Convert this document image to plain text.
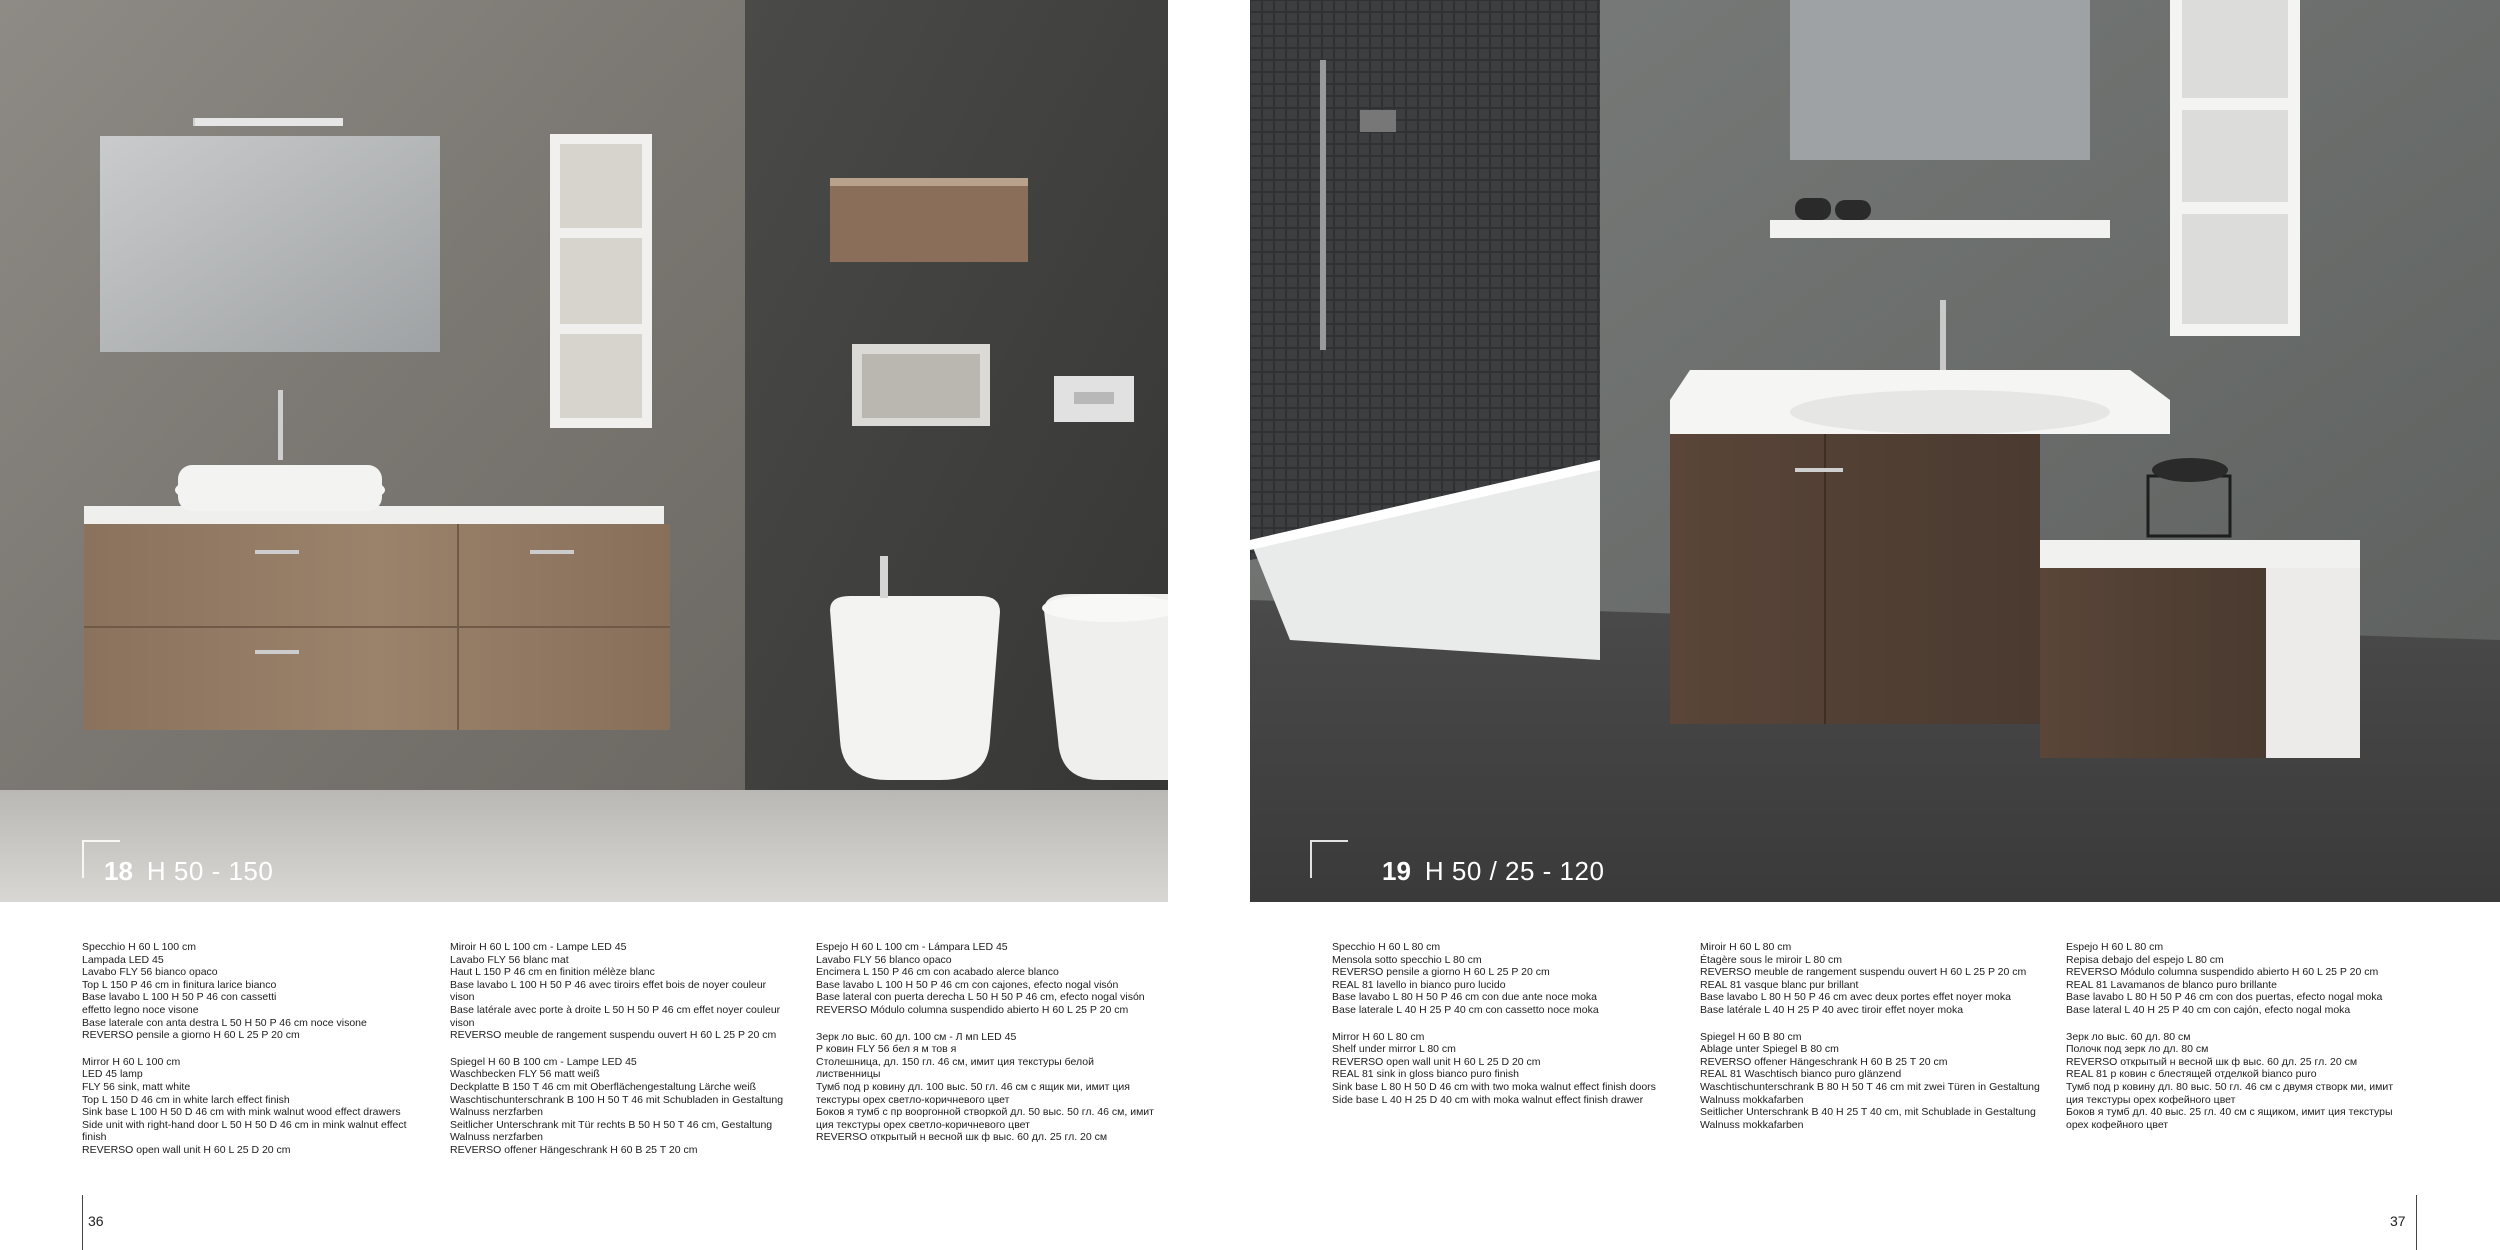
18 H 50 - 150
Specchio H 60 L 100 cm
Lampada LED 45
Lavabo FLY 56 bianco opaco
Top L 150 P 46 cm in finitura larice bianco
Base lavabo L 100 H 50 P 46 con cassetti
effetto legno noce visone
Base laterale con anta destra L 50 H 50 P 46 cm noce visone
REVERSO pensile a giorno H 60 L 25 P 20 cm
Mirror H 60 L 100 cm
LED 45 lamp
FLY 56 sink, matt white
Top L 150 D 46 cm in white larch effect finish
Sink base L 100 H 50 D 46 cm with mink walnut wood effect drawers
Side unit with right-hand door L 50 H 50 D 46 cm in mink walnut effect finish
REVERSO open wall unit H 60 L 25 D 20 cm
Miroir H 60 L 100 cm - Lampe LED 45
Lavabo FLY 56 blanc mat
Haut L 150 P 46 cm en finition mélèze blanc
Base lavabo L 100 H 50 P 46 avec tiroirs effet bois de noyer couleur vison
Base latérale avec porte à droite L 50 H 50 P 46 cm effet noyer couleur vison
REVERSO meuble de rangement suspendu ouvert H 60 L 25 P 20 cm
Spiegel H 60 B 100 cm - Lampe LED 45
Waschbecken FLY 56 matt weiß
Deckplatte B 150 T 46 cm mit Oberflächengestaltung Lärche weiß
Waschtischunterschrank B 100 H 50 T 46 mit Schubladen in Gestaltung Walnuss nerzfarben
Seitlicher Unterschrank mit Tür rechts B 50 H 50 T 46 cm, Gestaltung Walnuss nerzfarben
REVERSO offener Hängeschrank H 60 B 25 T 20 cm
Espejo H 60 L 100 cm - Lámpara LED 45
Lavabo FLY 56 blanco opaco
Encimera L 150 P 46 cm con acabado alerce blanco
Base lavabo L 100 H 50 P 46 cm con cajones, efecto nogal visón
Base lateral con puerta derecha L 50 H 50 P 46 cm, efecto nogal visón
REVERSO Módulo columna suspendido abierto H 60 L 25 P 20 cm
Зерк ло выс. 60 дл. 100 см - Л мп LED 45
Р ковин FLY 56 бел я м тов я
Столешница, дл. 150 гл. 46 см, имит ция текстуры белой лиственницы
Тумб под р ковину дл. 100 выс. 50 гл. 46 см с ящик ми, имит ция текстуры орех светло-коричневого цвет
Боков я тумб с пр вооргонной створкой дл. 50 выс. 50 гл. 46 см, имит ция текстуры орех светло-коричневого цвет
REVERSO открытый н весной шк ф выс. 60 дл. 25 гл. 20 см
36
19 H 50 / 25 - 120
Specchio H 60 L 80 cm
Mensola sotto specchio L 80 cm
REVERSO pensile a giorno H 60 L 25 P 20 cm
REAL 81 lavello in bianco puro lucido
Base lavabo L 80 H 50 P 46 cm con due ante noce moka
Base laterale L 40 H 25 P 40 cm con cassetto noce moka
Mirror H 60 L 80 cm
Shelf under mirror L 80 cm
REVERSO open wall unit H 60 L 25 D 20 cm
REAL 81 sink in gloss bianco puro finish
Sink base L 80 H 50 D 46 cm with two moka walnut effect finish doors
Side base L 40 H 25 D 40 cm with moka walnut effect finish drawer
Miroir H 60 L 80 cm
Étagère sous le miroir L 80 cm
REVERSO meuble de rangement suspendu ouvert H 60 L 25 P 20 cm
REAL 81 vasque blanc pur brillant
Base lavabo L 80 H 50 P 46 cm avec deux portes effet noyer moka
Base latérale L 40 H 25 P 40 avec tiroir effet noyer moka
Spiegel H 60 B 80 cm
Ablage unter Spiegel B 80 cm
REVERSO offener Hängeschrank H 60 B 25 T 20 cm
REAL 81 Waschtisch bianco puro glänzend
Waschtischunterschrank B 80 H 50 T 46 cm mit zwei Türen in Gestaltung Walnuss mokkafarben
Seitlicher Unterschrank B 40 H 25 T 40 cm, mit Schublade in Gestaltung Walnuss mokkafarben
Espejo H 60 L 80 cm
Repisa debajo del espejo L 80 cm
REVERSO Módulo columna suspendido abierto H 60 L 25 P 20 cm
REAL 81 Lavamanos de blanco puro brillante
Base lavabo L 80 H 50 P 46 cm con dos puertas, efecto nogal moka
Base lateral L 40 H 25 P 40 cm con cajón, efecto nogal moka
Зерк ло выс. 60 дл. 80 см
Полочк под зерк ло дл. 80 см
REVERSO открытый н весной шк ф выс. 60 дл. 25 гл. 20 см
REAL 81 р ковин с блестящей отделкой bianco puro
Тумб под р ковину дл. 80 выс. 50 гл. 46 см с двумя створк ми, имит ция текстуры орех кофейного цвет
Боков я тумб дл. 40 выс. 25 гл. 40 см с ящиком, имит ция текстуры орех кофейного цвет
37
